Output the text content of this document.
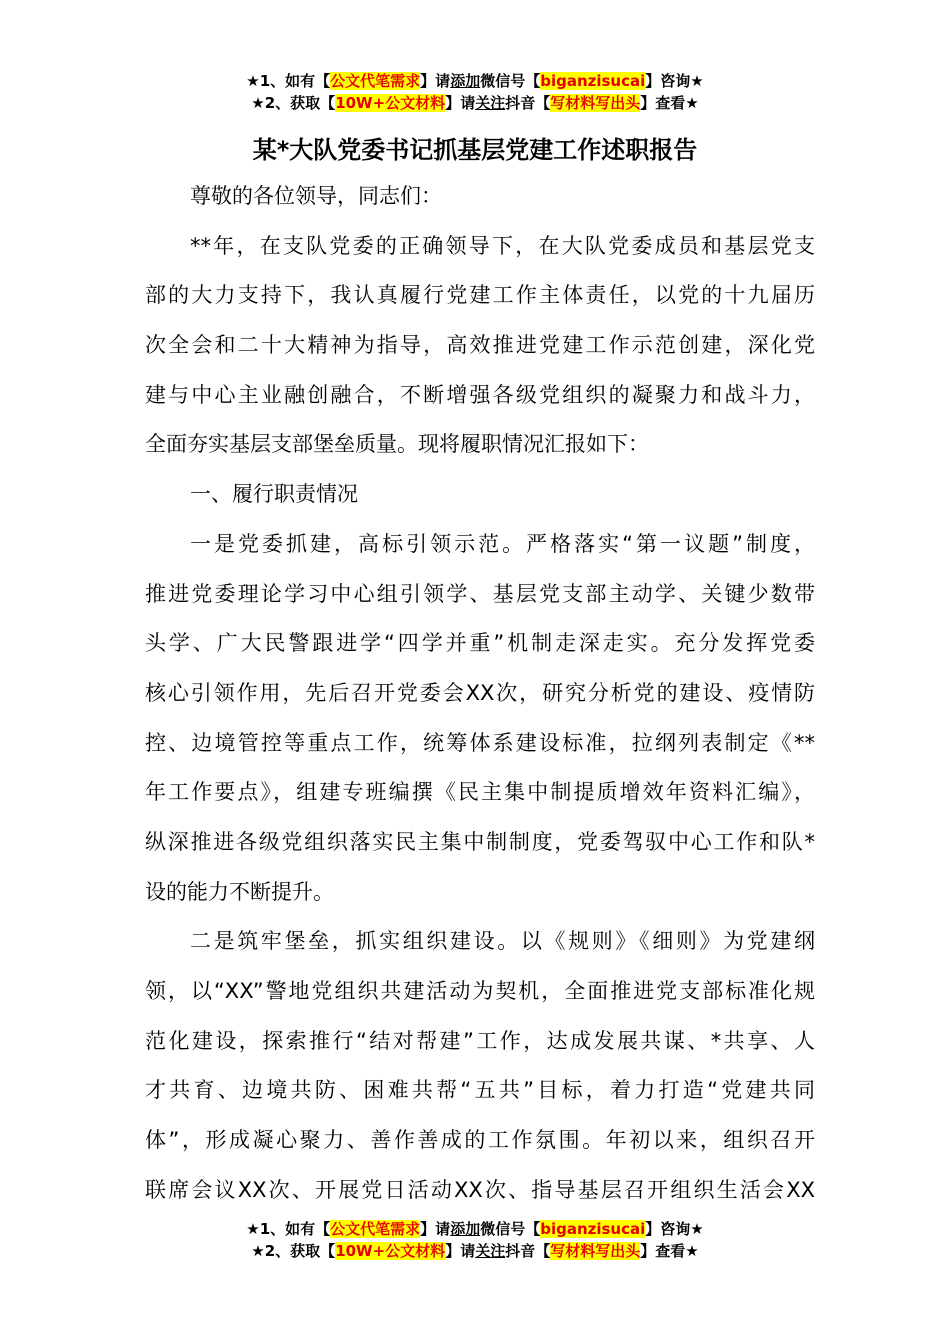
★1、如有【公文代笔需求】请添加微信号【biganzisucai】咨询★
★2、获取【10W+公文材料】请关注抖音【写材料写出头】查看★
某*大队党委书记抓基层党建工作述职报告
尊敬的各位领导，同志们：
**年，在支队党委的正确领导下，在大队党委成员和基层党支
部的大力支持下，我认真履行党建工作主体责任，以党的十九届历
次全会和二十大精神为指导，高效推进党建工作示范创建，深化党
建与中心主业融创融合，不断增强各级党组织的凝聚力和战斗力，
全面夯实基层支部堡垒质量。现将履职情况汇报如下：
一、履行职责情况
一是党委抓建，高标引领示范。严格落实“第一议题”制度，
推进党委理论学习中心组引领学、基层党支部主动学、关键少数带
头学、广大民警跟进学“四学并重”机制走深走实。充分发挥党委
核心引领作用，先后召开党委会XX次，研究分析党的建设、疫情防
控、边境管控等重点工作，统筹体系建设标准，拉纲列表制定《**
年工作要点》，组建专班编撰《民主集中制提质增效年资料汇编》，
纵深推进各级党组织落实民主集中制制度，党委驾驭中心工作和队*
设的能力不断提升。
二是筑牢堡垒，抓实组织建设。以《规则》《细则》为党建纲
领，以“XX”警地党组织共建活动为契机，全面推进党支部标准化规
范化建设，探索推行“结对帮建”工作，达成发展共谋、*共享、人
才共育、边境共防、困难共帮“五共”目标，着力打造“党建共同
体”，形成凝心聚力、善作善成的工作氛围。年初以来，组织召开
联席会议XX次、开展党日活动XX次、指导基层召开组织生活会XX
★1、如有【公文代笔需求】请添加微信号【biganzisucai】咨询★
★2、获取【10W+公文材料】请关注抖音【写材料写出头】查看★
